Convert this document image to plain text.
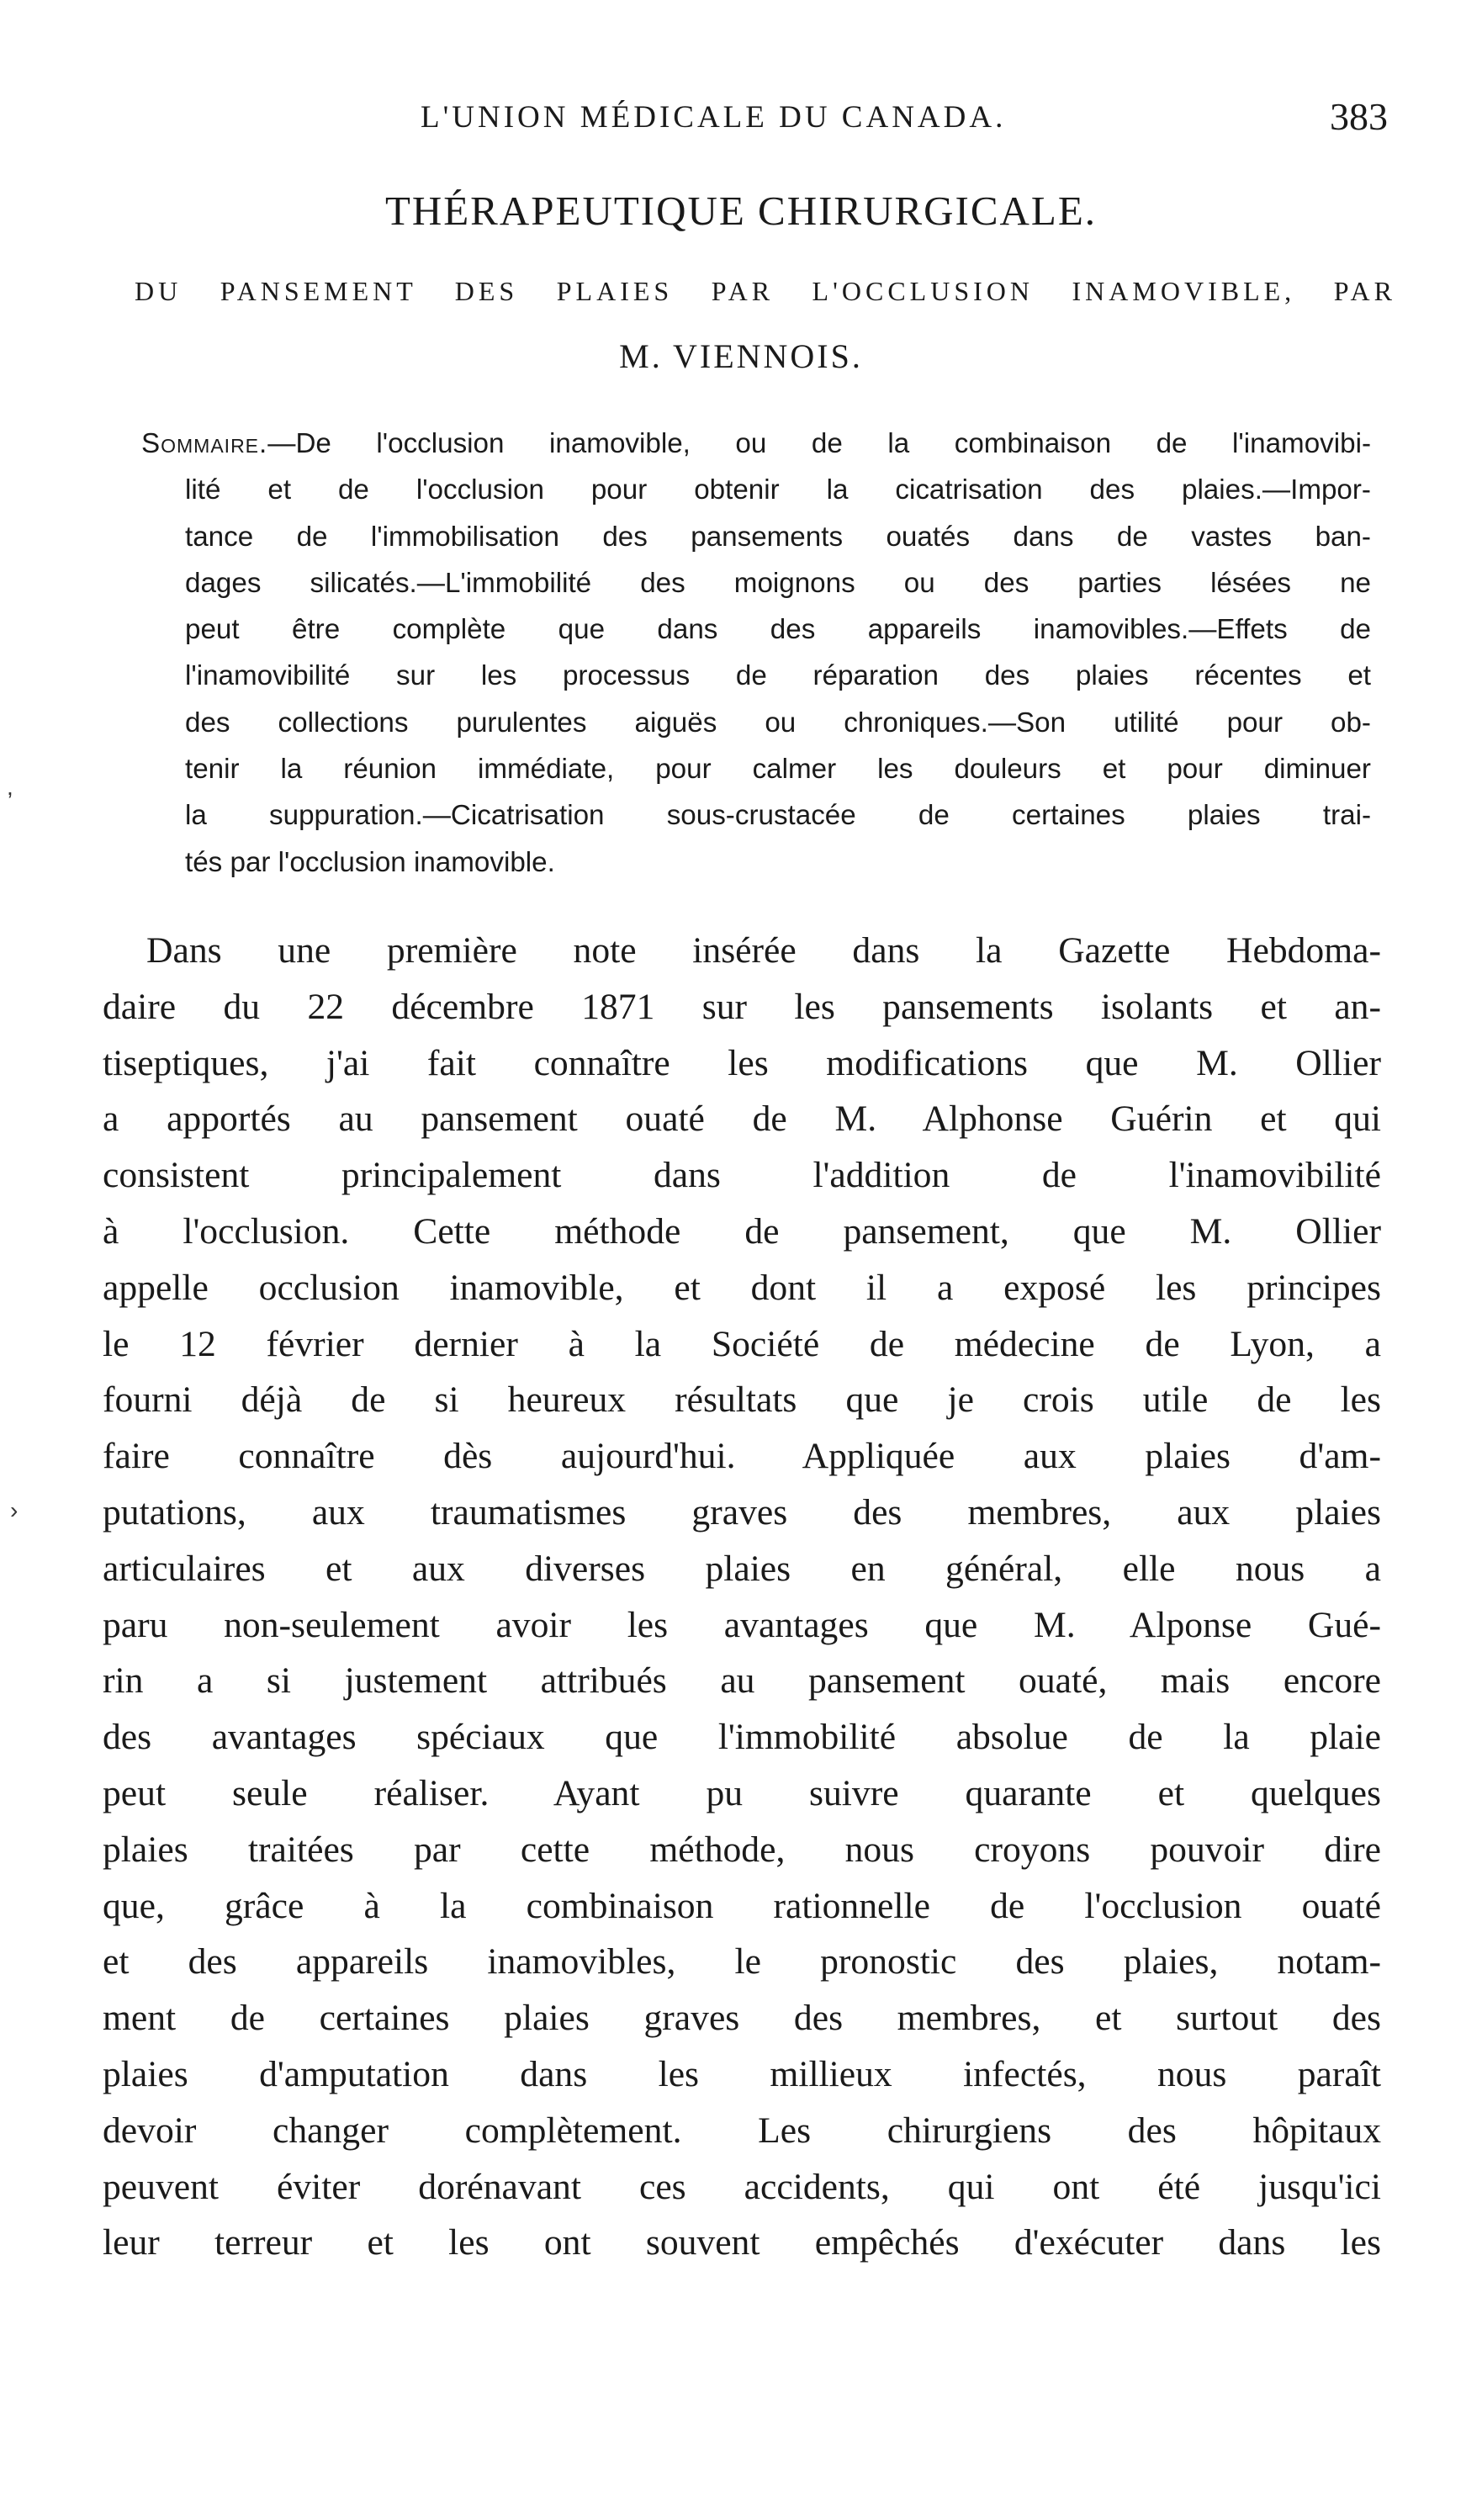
L'UNION MÉDICALE DU CANADA.	383
THÉRAPEUTIQUE CHIRURGICALE.
DU PANSEMENT DES PLAIES PAR L'OCCLUSION INAMOVIBLE, PAR
M. VIENNOIS.
Sommaire.—De l'occlusion inamovible, ou de la combinaison de l'inamovibi-
lité et de l'occlusion pour obtenir la cicatrisation des plaies.—Impor-
tance de l'immobilisation des pansements ouatés dans de vastes ban-
dages silicatés.—L'immobilité des moignons ou des parties lésées ne
peut être complète que dans des appareils inamovibles.—Effets de
l'inamovibilité sur les processus de réparation des plaies récentes et
des collections purulentes aiguës ou chroniques.—Son utilité pour ob-
tenir la réunion immédiate, pour calmer les douleurs et pour diminuer
la suppuration.—Cicatrisation sous-crustacée de certaines plaies trai-
tés par l'occlusion inamovible.
Dans une première note insérée dans la Gazette Hebdoma-
daire du 22 décembre 1871 sur les pansements isolants et an-
tiseptiques, j'ai fait connaître les modifications que M. Ollier
a apportés au pansement ouaté de M. Alphonse Guérin et qui
consistent principalement dans l'addition de l'inamovibilité
à l'occlusion. Cette méthode de pansement, que M. Ollier
appelle occlusion inamovible, et dont il a exposé les principes
le 12 février dernier à la Société de médecine de Lyon, a
fourni déjà de si heureux résultats que je crois utile de les
faire connaître dès aujourd'hui. Appliquée aux plaies d'am-
putations, aux traumatismes graves des membres, aux plaies
articulaires et aux diverses plaies en général, elle nous a
paru non-seulement avoir les avantages que M. Alponse Gué-
rin a si justement attribués au pansement ouaté, mais encore
des avantages spéciaux que l'immobilité absolue de la plaie
peut seule réaliser. Ayant pu suivre quarante et quelques
plaies traitées par cette méthode, nous croyons pouvoir dire
que, grâce à la combinaison rationnelle de l'occlusion ouaté
et des appareils inamovibles, le pronostic des plaies, notam-
ment de certaines plaies graves des membres, et surtout des
plaies d'amputation dans les millieux infectés, nous paraît
devoir changer complètement. Les chirurgiens des hôpitaux
peuvent éviter dorénavant ces accidents, qui ont été jusqu'ici
leur terreur et les ont souvent empêchés d'exécuter dans les
,
›
